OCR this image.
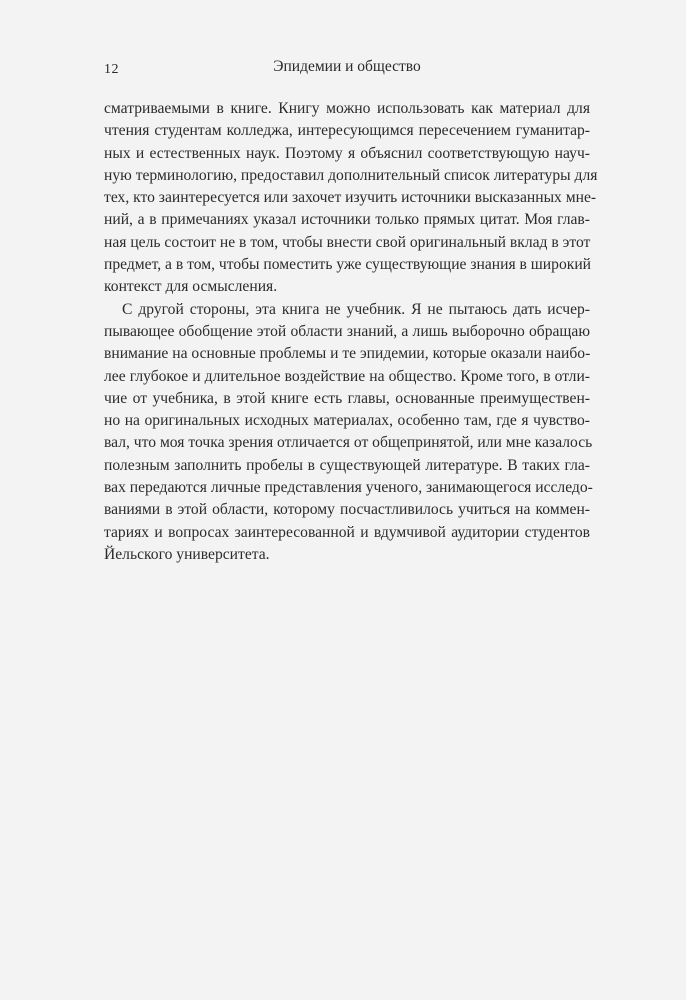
12	Эпидемии и общество
сматриваемыми в книге. Книгу можно использовать как материал для
чтения студентам колледжа, интересующимся пересечением гуманитар-
ных и естественных наук. Поэтому я объяснил соответствующую науч-
ную терминологию, предоставил дополнительный список литературы для
тех, кто заинтересуется или захочет изучить источники высказанных мне-
ний, а в примечаниях указал источники только прямых цитат. Моя глав-
ная цель состоит не в том, чтобы внести свой оригинальный вклад в этот
предмет, а в том, чтобы поместить уже существующие знания в широкий
контекст для осмысления.
С другой стороны, эта книга не учебник. Я не пытаюсь дать исчер-
пывающее обобщение этой области знаний, а лишь выборочно обращаю
внимание на основные проблемы и те эпидемии, которые оказали наибо-
лее глубокое и длительное воздействие на общество. Кроме того, в отли-
чие от учебника, в этой книге есть главы, основанные преимуществен-
но на оригинальных исходных материалах, особенно там, где я чувство-
вал, что моя точка зрения отличается от общепринятой, или мне казалось
полезным заполнить пробелы в существующей литературе. В таких гла-
вах передаются личные представления ученого, занимающегося исследо-
ваниями в этой области, которому посчастливилось учиться на коммен-
тариях и вопросах заинтересованной и вдумчивой аудитории студентов
Йельского университета.
